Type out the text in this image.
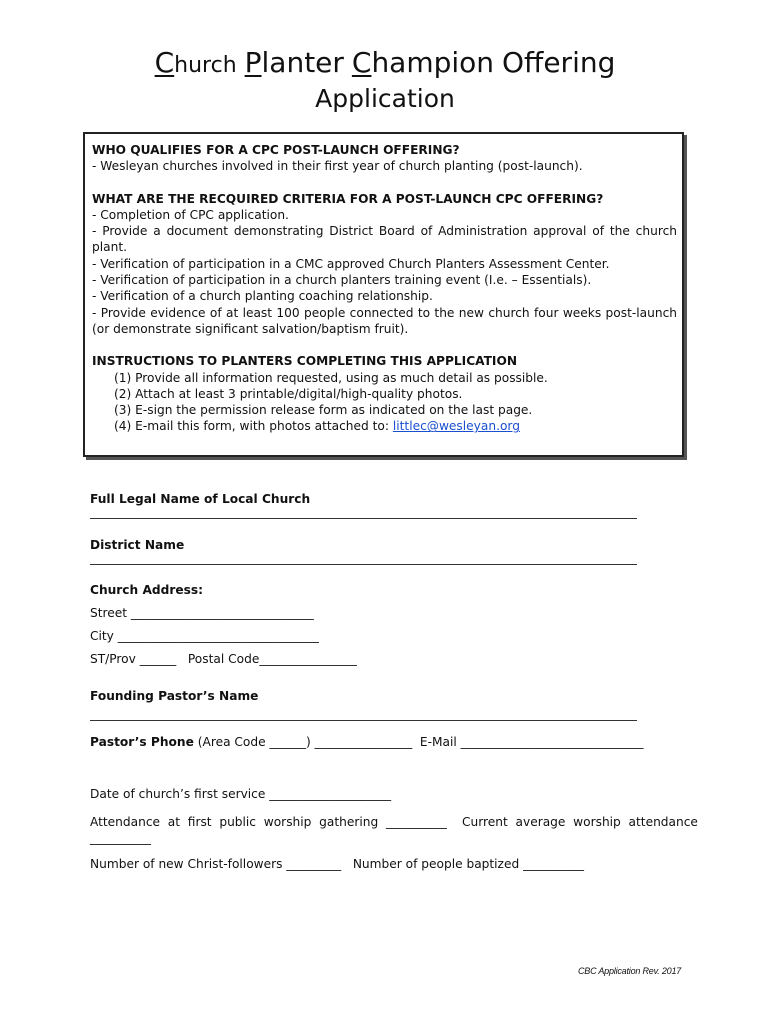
Church Planter Champion Offering
Application
WHO QUALIFIES FOR A CPC POST-LAUNCH OFFERING?
- Wesleyan churches involved in their first year of church planting (post-launch).
WHAT ARE THE RECQUIRED CRITERIA FOR A POST-LAUNCH CPC OFFERING?
- Completion of CPC application.
- Provide a document demonstrating District Board of Administration approval of the church plant.
- Verification of participation in a CMC approved Church Planters Assessment Center.
- Verification of participation in a church planters training event (I.e. – Essentials).
- Verification of a church planting coaching relationship.
- Provide evidence of at least 100 people connected to the new church four weeks post-launch (or demonstrate significant salvation/baptism fruit).
INSTRUCTIONS TO PLANTERS COMPLETING THIS APPLICATION
(1) Provide all information requested, using as much detail as possible.
(2) Attach at least 3 printable/digital/high-quality photos.
(3) E-sign the permission release form as indicated on the last page.
(4) E-mail this form, with photos attached to: littlec@wesleyan.org
Full Legal Name of Local Church
District Name
Church Address:
Street ______________________________
City _________________________________
ST/Prov ______   Postal Code________________
Founding Pastor’s Name
Pastor’s Phone (Area Code ______) ________________  E-Mail ______________________________
Date of church’s first service ____________________
Attendance  at  first  public  worship  gathering  __________ Current  average  worship  attendance
__________
Number of new Christ-followers _________   Number of people baptized __________
CBC Application Rev. 2017
